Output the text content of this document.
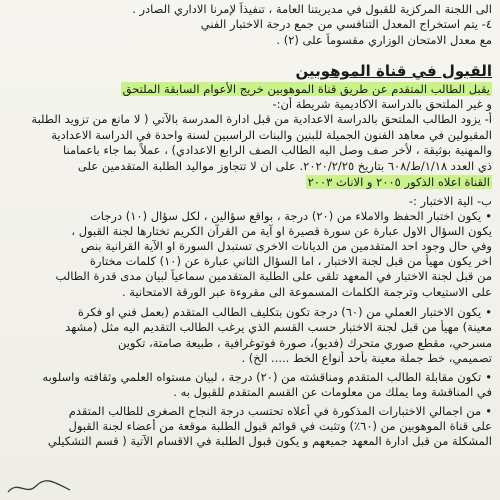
الى اللجنة المركزية للقبول في مديريتنا العامة ، تنفيذاً لإمرنا الاداري الصادر .
٤- يتم استخراج المعدل التنافسي من جمع درجة الاختبار الفني
مع معدل الامتحان الوزاري مقسوماً على (٢) .
القبول في قناة الموهوبين
يقبل الطالب المتقدم عن طريق قناة الموهوبين خريج الأعوام السابقة الملتحق
و غير الملتحق بالدراسة الاكاديمية شريطة أن:-
أ- يزود الطالب الملتحق بالدراسة الاعدادية من قبل ادارة المدرسة بالآتي ( لا مانع من تزويد الطلبة
المقبولين في معاهد الفنون الجميلة للبنين والبنات الراسبين لسنة واحدة في الدراسة الاعدادية
والمهنية بوثيقة ، لأخر صف وصل اليه الطالب الصف الرابع الاعدادي) ، عملاً بما جاء باعمامنا
ذي العدد ١/١٨/ط/٦٠٨ بتاريخ ٢٠٢٠/٢/٢٥. على ان لا تتجاوز مواليد الطلبة المتقدمين على
القناة اعلاه الذكور ٢٠٠٥ و الاناث ٢٠٠٣
ب- الية الاختبار :-
•يكون اختبار الحفظ والاملاء من (٢٠) درجة ، بواقع سؤالين ، لكل سؤال (١٠) درجات
يكون السؤال الاول عبارة عن سورة قصيرة او آية من القرآن الكريم تختارها لجنة القبول ،
وفي حال وجود احد المتقدمين من الديانات الاخرى تستبدل السورة او الآية القرانية بنص
اخر يكون مهيأ من قبل لجنة الاختبار ، اما السؤال الثاني عبارة عن (١٠) كلمات مختارة
من قبل لجنة الاختبار في المعهد تلقى على الطلبة المتقدمين سماعياً لبيان مدى قدرة الطالب
على الاستيعاب وترجمة الكلمات المسموعة الى مقروءة عبر الورقة الامتحانية .
•يكون الاختبار العملي من (٦٠) درجة تكون بتكليف الطالب المتقدم (بعمل فني او فكرة
معينة) مهيأ من قبل لجنة الاختبار حسب القسم الذي يرغب الطالب التقديم اليه مثل (مشهد
مسرحي، مقطع صوري متحرك (فديو)، صورة فوتوغرافية ، طبيعة صامتة، تكوين
تصميمي، خط جملة معينة بأحد أنواع الخط ..... الخ) .
•تكون مقابلة الطالب المتقدم ومناقشته من (٢٠) درجة ، لبيان مستواه العلمي وثقافته واسلوبه
في المناقشة وما يملك من معلومات عن القسم المتقدم للقبول به .
•من اجمالي الاختبارات المذكورة في أعلاه تحتسب درجة النجاح الصغرى للطالب المتقدم
على قناة الموهوبين من (٦٠٪) وتثبت في قوائم قبول الطلبة موقعة من أعضاء لجنة القبول
المشكلة من قبل ادارة المعهد جميعهم و يكون قبول الطلبة في الاقسام الآتية ( قسم التشكيلي
